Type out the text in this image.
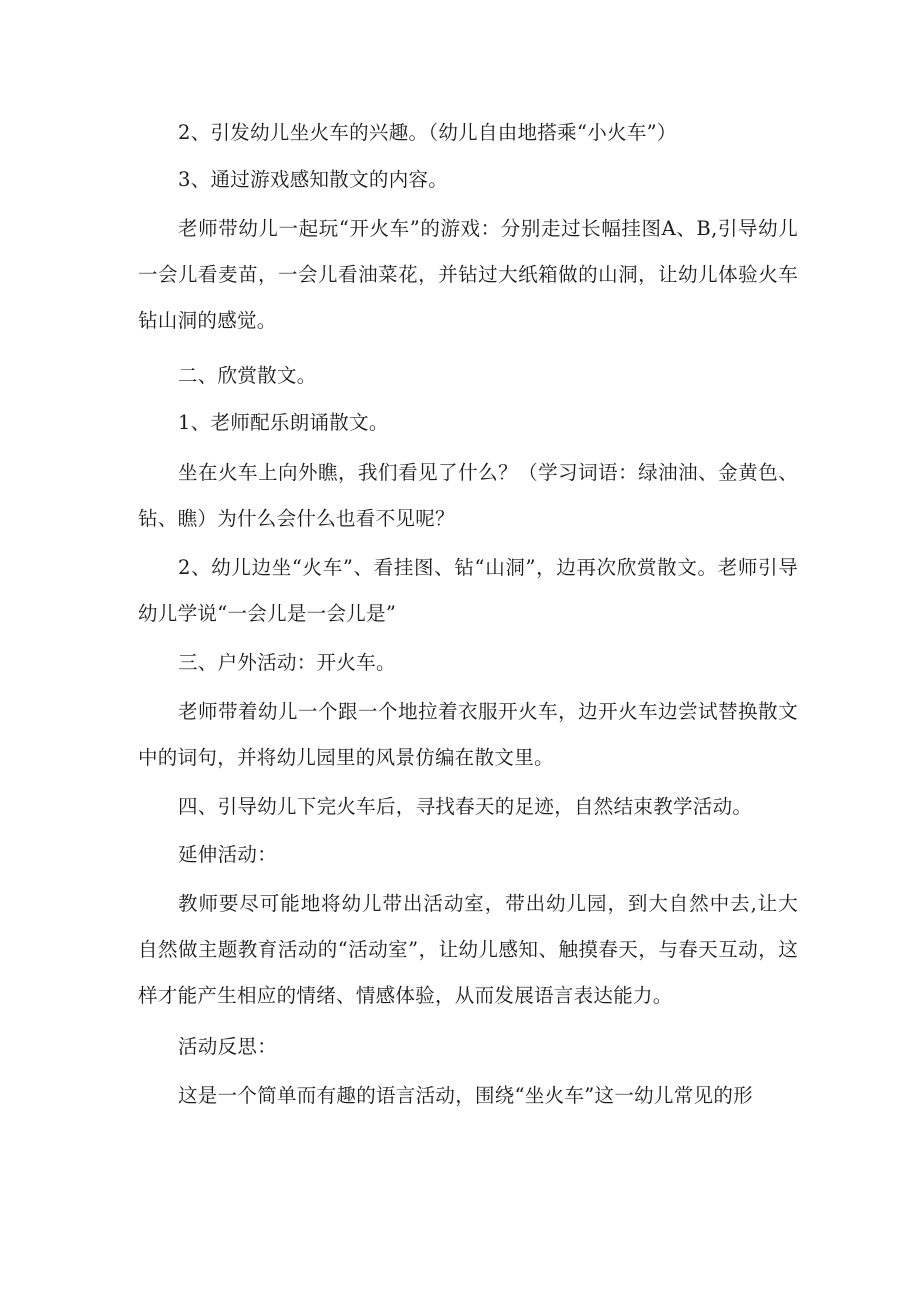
2、引发幼儿坐火车的兴趣。（幼儿自由地搭乘“小火车”）

3、通过游戏感知散文的内容。

老师带幼儿一起玩“开火车”的游戏：分别走过长幅挂图A、B,引导幼儿一会儿看麦苗，一会儿看油菜花，并钻过大纸箱做的山洞，让幼儿体验火车钻山洞的感觉。

二、欣赏散文。

1、老师配乐朗诵散文。

坐在火车上向外瞧，我们看见了什么？（学习词语：绿油油、金黄色、钻、瞧）为什么会什么也看不见呢？

2、幼儿边坐“火车”、看挂图、钻“山洞”，边再次欣赏散文。老师引导幼儿学说“一会儿是一会儿是”

三、户外活动：开火车。

老师带着幼儿一个跟一个地拉着衣服开火车，边开火车边尝试替换散文中的词句，并将幼儿园里的风景仿编在散文里。

四、引导幼儿下完火车后，寻找春天的足迹，自然结束教学活动。

延伸活动：

教师要尽可能地将幼儿带出活动室，带出幼儿园，到大自然中去,让大自然做主题教育活动的“活动室”，让幼儿感知、触摸春天，与春天互动，这样才能产生相应的情绪、情感体验，从而发展语言表达能力。

活动反思：

这是一个简单而有趣的语言活动，围绕“坐火车”这一幼儿常见的形
